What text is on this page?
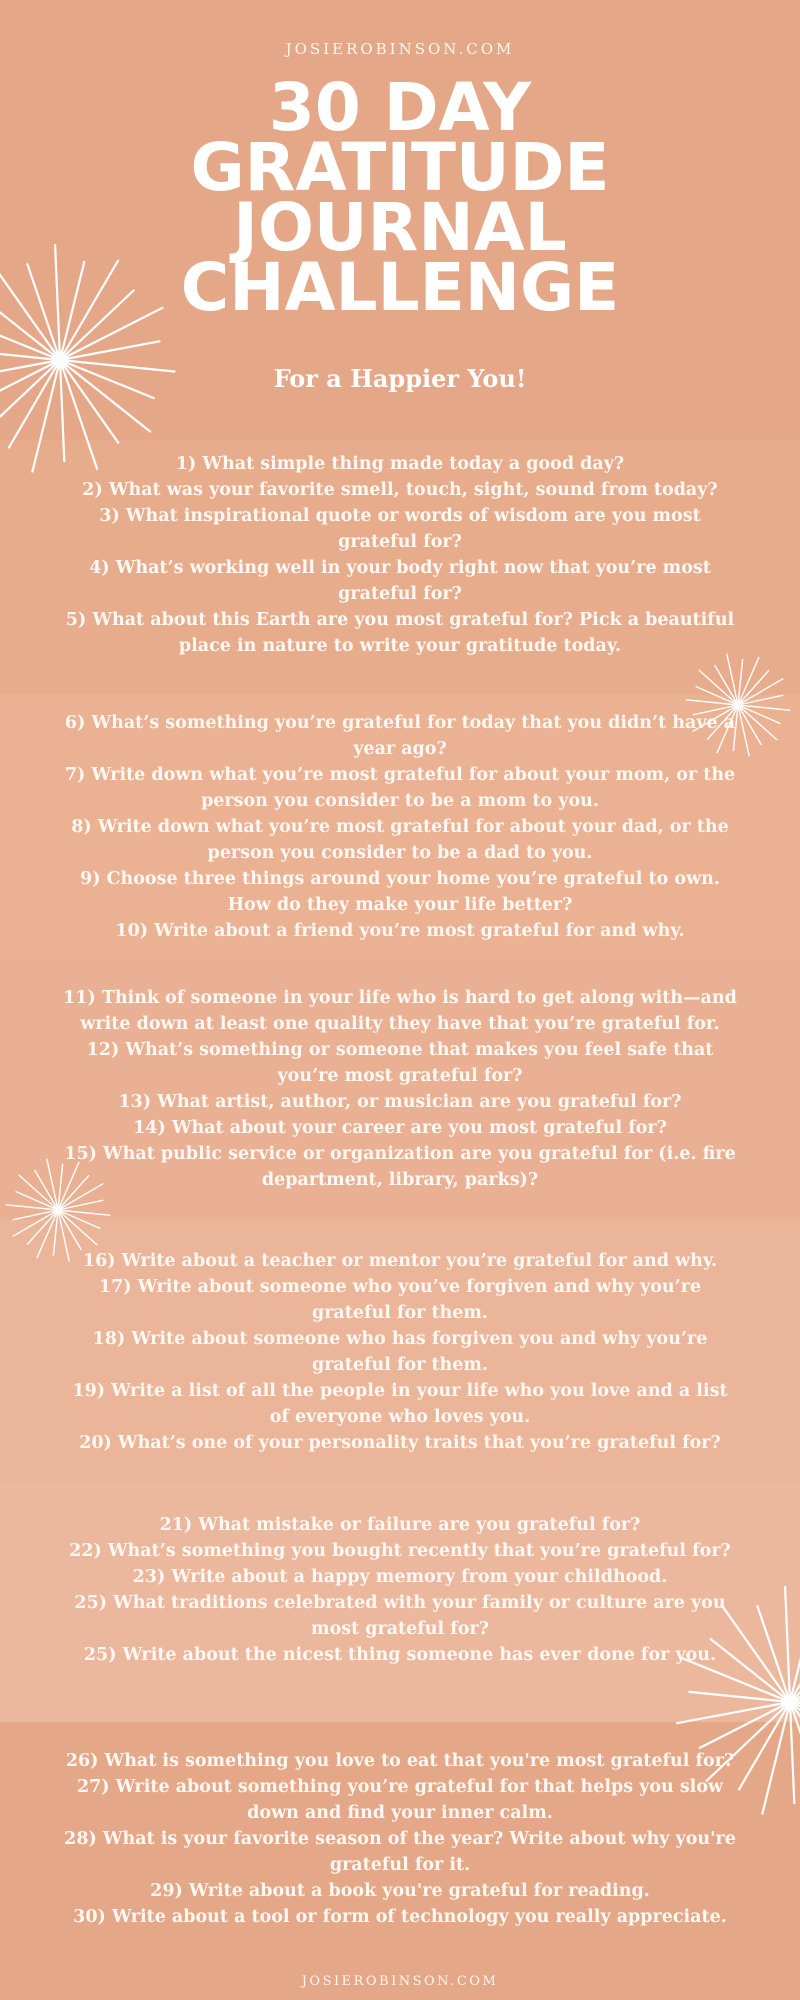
JOSIEROBINSON.COM
30 DAY
GRATITUDE
JOURNAL
CHALLENGE
For a Happier You!

1) What simple thing made today a good day?

2) What was your favorite smell, touch, sight, sound from today?

3) What inspirational quote or words of wisdom are you most grateful for?

4) What’s working well in your body right now that you’re most grateful for?

5) What about this Earth are you most grateful for? Pick a beautiful place in nature to write your gratitude today.

6) What’s something you’re grateful for today that you didn’t have a year ago?

7) Write down what you’re most grateful for about your mom, or the person you consider to be a mom to you.

8) Write down what you’re most grateful for about your dad, or the person you consider to be a dad to you.

9) Choose three things around your home you’re grateful to own. How do they make your life better?

10) Write about a friend you’re most grateful for and why.

11) Think of someone in your life who is hard to get along with—and write down at least one quality they have that you’re grateful for.

12) What’s something or someone that makes you feel safe that you’re most grateful for?

13) What artist, author, or musician are you grateful for?

14) What about your career are you most grateful for?

15) What public service or organization are you grateful for (i.e. fire department, library, parks)?

16) Write about a teacher or mentor you’re grateful for and why.

17) Write about someone who you’ve forgiven and why you’re grateful for them.

18) Write about someone who has forgiven you and why you’re grateful for them.

19) Write a list of all the people in your life who you love and a list of everyone who loves you.

20) What’s one of your personality traits that you’re grateful for?

21) What mistake or failure are you grateful for?

22) What’s something you bought recently that you’re grateful for?

23) Write about a happy memory from your childhood.

25) What traditions celebrated with your family or culture are you most grateful for?

25) Write about the nicest thing someone has ever done for you.

26) What is something you love to eat that you're most grateful for?

27) Write about something you’re grateful for that helps you slow down and find your inner calm.

28) What is your favorite season of the year? Write about why you're grateful for it.

29) Write about a book you're grateful for reading.

30) Write about a tool or form of technology you really appreciate.

JOSIEROBINSON.COM
